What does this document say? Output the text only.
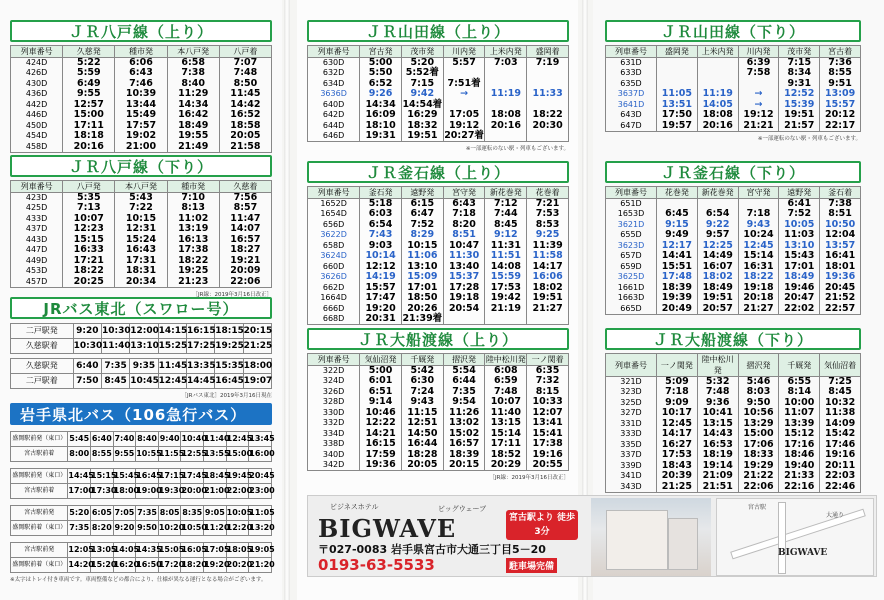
ＪＲ八戸線（上り）
列車番号	久慈発	種市発	本八戸発	八戸着
424D	5:22	6:06	6:58	7:07
426D	5:59	6:43	7:38	7:48
430D	6:49	7:46	8:40	8:50
436D	9:55	10:39	11:29	11:45
442D	12:57	13:44	14:34	14:42
446D	15:00	15:49	16:42	16:52
450D	17:11	17:57	18:49	18:58
454D	18:18	19:02	19:55	20:05
458D	20:16	21:00	21:49	21:58
ＪＲ八戸線（下り）
列車番号	八戸発	本八戸発	種市発	久慈着
423D	5:35	5:43	7:10	7:56
425D	7:13	7:22	8:13	8:57
433D	10:07	10:15	11:02	11:47
437D	12:23	12:31	13:19	14:07
443D	15:15	15:24	16:13	16:57
447D	16:33	16:43	17:38	18:27
449D	17:21	17:31	18:22	19:21
453D	18:22	18:31	19:25	20:09
457D	20:25	20:34	21:23	22:06
［JR線：2019年3月16日改正］
JRバス東北（スワロー号）
二戸駅発	9:20	10:30	12:00	14:15	16:15	18:15	20:15
久慈駅着	10:30	11:40	13:10	15:25	17:25	19:25	21:25
久慈駅発	6:40	7:35	9:35	11:45	13:35	15:35	18:00
二戸駅着	7:50	8:45	10:45	12:45	14:45	16:45	19:07
［JRバス東北］2019年3月16日現在
岩手県北バス（106急行バス）
盛岡駅前発（東口）	5:45	6:40	7:40	8:40	9:40	10:40	11:40	12:45	13:45
宮古駅前着	8:00	8:55	9:55	10:55	11:55	12:55	13:55	15:00	16:00
盛岡駅前発（東口）	14:45	15:15	15:45	16:45	17:15	17:45	18:45	19:45	20:45
宮古駅前着	17:00	17:30	18:00	19:00	19:30	20:00	21:00	22:00	23:00
宮古駅前発	5:20	6:05	7:05	7:35	8:05	8:35	9:05	10:05	11:05
盛岡駅前着（東口）	7:35	8:20	9:20	9:50	10:20	10:50	11:20	12:20	13:20
宮古駅前発	12:05	13:05	14:05	14:35	15:05	16:05	17:05	18:05	19:05
盛岡駅前着（東口）	14:20	15:20	16:20	16:50	17:20	18:20	19:20	20:20	21:20
※太字はトレイ付き車両です。車両整備などの都合により、仕様が異なる運行となる場合がございます。
ＪＲ山田線（上り）
列車番号	宮古発	茂市発	川内発	上米内発	盛岡着
630D	5:00	5:20	5:57	7:03	7:19
632D	5:50	5:52着			
634D	6:52	7:15	7:51着		
3636D	9:26	9:42	→	11:19	11:33
640D	14:34	14:54着			
642D	16:09	16:29	17:05	18:08	18:22
644D	18:10	18:32	19:12	20:16	20:30
646D	19:31	19:51	20:27着		
※一部運転のない駅・列車もございます。
ＪＲ山田線（下り）
列車番号	盛岡発	上米内発	川内発	茂市発	宮古着
631D			6:39	7:15	7:36
633D			7:58	8:34	8:55
635D				9:31	9:51
3637D	11:05	11:19	→	12:52	13:09
3641D	13:51	14:05	→	15:39	15:57
643D	17:50	18:08	19:12	19:51	20:12
647D	19:57	20:16	21:21	21:57	22:17
※一部運転のない駅・列車もございます。
ＪＲ釜石線（上り）
列車番号	釜石発	遠野発	宮守発	新花巻発	花巻着
1652D	5:18	6:15	6:43	7:12	7:21
1654D	6:03	6:47	7:18	7:44	7:53
656D	6:54	7:52	8:20	8:45	8:53
3622D	7:43	8:29	8:51	9:12	9:25
658D	9:03	10:15	10:47	11:31	11:39
3624D	10:14	11:06	11:30	11:51	11:58
660D	12:12	13:10	13:40	14:08	14:17
3626D	14:19	15:09	15:37	15:59	16:06
662D	15:57	17:01	17:28	17:53	18:02
1664D	17:47	18:50	19:18	19:42	19:51
666D	19:20	20:26	20:54	21:19	21:27
668D	20:31	21:39着			
ＪＲ釜石線（下り）
列車番号	花巻発	新花巻発	宮守発	遠野発	釜石着
651D				6:41	7:38
1653D	6:45	6:54	7:18	7:52	8:51
3621D	9:15	9:22	9:43	10:05	10:50
655D	9:49	9:57	10:24	11:03	12:04
3623D	12:17	12:25	12:45	13:10	13:57
657D	14:41	14:49	15:14	15:43	16:41
659D	15:51	16:07	16:31	17:01	18:01
3625D	17:48	18:02	18:22	18:49	19:36
1661D	18:39	18:49	19:18	19:46	20:45
1663D	19:39	19:51	20:18	20:47	21:52
665D	20:49	20:57	21:27	22:02	22:57
ＪＲ大船渡線（上り）
列車番号	気仙沼発	千厩発	摺沢発	陸中松川発	一ノ関着
322D	5:00	5:42	5:54	6:08	6:35
324D	6:01	6:30	6:44	6:59	7:32
326D	6:51	7:24	7:35	7:48	8:15
328D	9:14	9:43	9:54	10:07	10:33
330D	10:46	11:15	11:26	11:40	12:07
332D	12:22	12:51	13:02	13:15	13:41
334D	14:21	14:50	15:02	15:14	15:41
338D	16:15	16:44	16:57	17:11	17:38
340D	17:59	18:28	18:39	18:52	19:16
342D	19:36	20:05	20:15	20:29	20:55
［JR線：2019年3月16日改正］
ＪＲ大船渡線（下り）
列車番号	一ノ関発	陸中松川発	摺沢発	千厩発	気仙沼着
321D	5:09	5:32	5:46	6:55	7:25
323D	7:18	7:48	8:03	8:14	8:45
325D	9:09	9:36	9:50	10:00	10:32
327D	10:17	10:41	10:56	11:07	11:38
331D	12:45	13:15	13:29	13:39	14:09
333D	14:17	14:43	15:00	15:12	15:42
335D	16:27	16:53	17:06	17:16	17:46
337D	17:53	18:19	18:33	18:46	19:16
339D	18:43	19:14	19:29	19:40	20:11
341D	20:39	21:09	21:22	21:33	22:03
343D	21:25	21:51	22:06	22:16	22:46
ビジネスホテル	ビッグウェーブ
BIGWAVE	宮古駅より 徒歩3分
〒027-0083 岩手県宮古市大通三丁目5－20
0193-63-5533	駐車場完備
大通り
宮古駅
BIGWAVE
